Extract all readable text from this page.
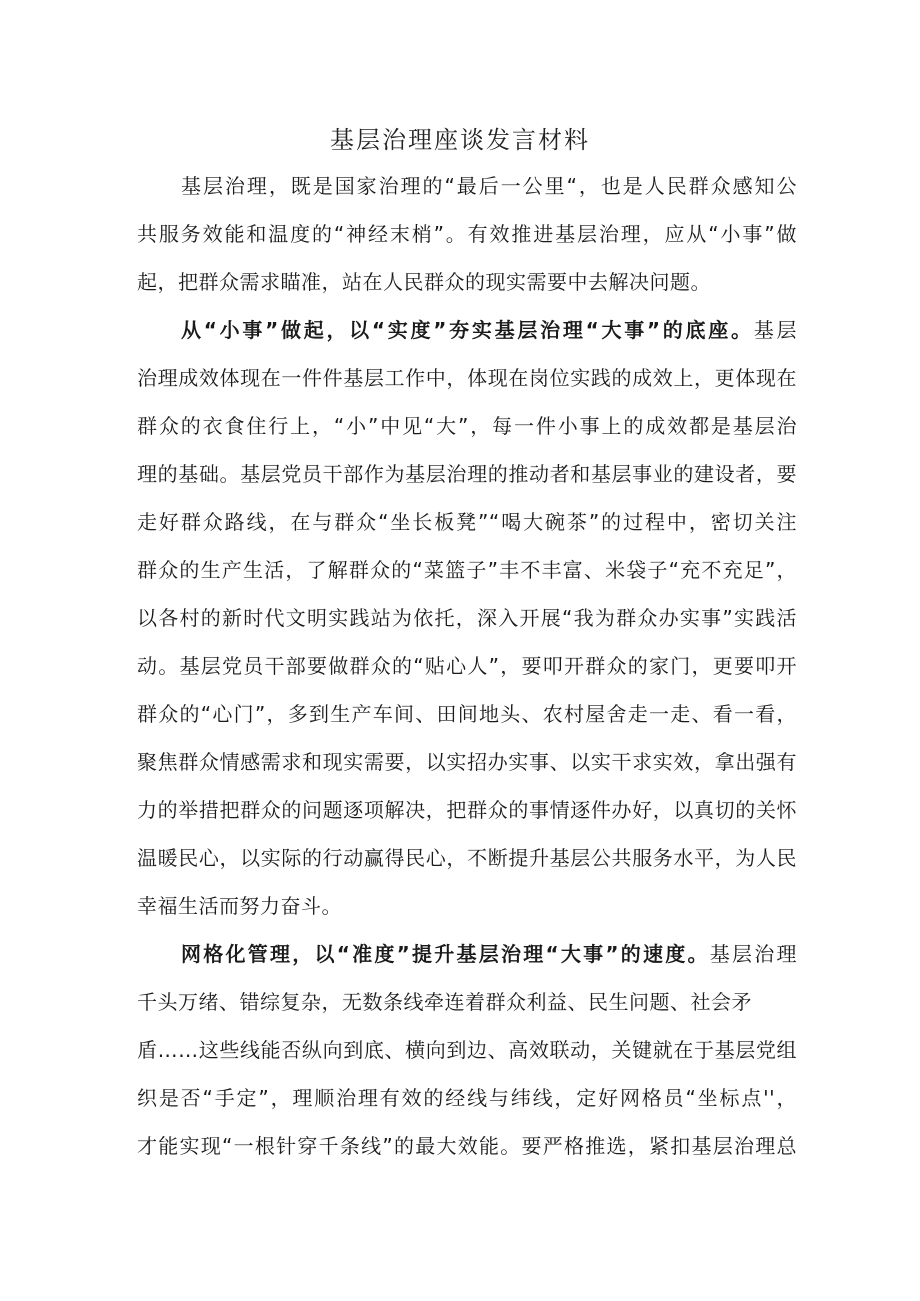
基层治理座谈发言材料
基层治理，既是国家治理的“最后一公里“，也是人民群众感知公
共服务效能和温度的“神经末梢”。有效推进基层治理，应从“小事”做
起，把群众需求瞄准，站在人民群众的现实需要中去解决问题。
从“小事”做起，以“实度”夯实基层治理“大事”的底座。基层
治理成效体现在一件件基层工作中，体现在岗位实践的成效上，更体现在
群众的衣食住行上，“小”中见“大”，每一件小事上的成效都是基层治
理的基础。基层党员干部作为基层治理的推动者和基层事业的建设者，要
走好群众路线，在与群众“坐长板凳”“喝大碗茶”的过程中，密切关注
群众的生产生活，了解群众的“菜篮子”丰不丰富、米袋子“充不充足”，
以各村的新时代文明实践站为依托，深入开展“我为群众办实事”实践活
动。基层党员干部要做群众的“贴心人”，要叩开群众的家门，更要叩开
群众的“心门”，多到生产车间、田间地头、农村屋舍走一走、看一看，
聚焦群众情感需求和现实需要，以实招办实事、以实干求实效，拿出强有
力的举措把群众的问题逐项解决，把群众的事情逐件办好，以真切的关怀
温暖民心，以实际的行动赢得民心，不断提升基层公共服务水平，为人民
幸福生活而努力奋斗。
网格化管理，以“准度”提升基层治理“大事”的速度。基层治理
千头万绪、错综复杂，无数条线牵连着群众利益、民生问题、社会矛
盾……这些线能否纵向到底、横向到边、高效联动，关键就在于基层党组
织是否“手定”，理顺治理有效的经线与纬线，定好网格员“坐标点''，
才能实现“一根针穿千条线”的最大效能。要严格推选，紧扣基层治理总
